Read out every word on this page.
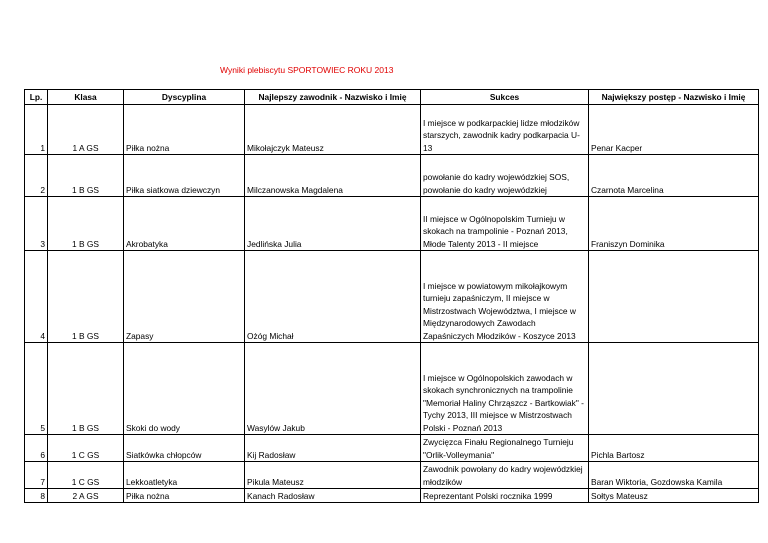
Wyniki plebiscytu SPORTOWIEC ROKU 2013
Lp.	Klasa	Dyscyplina	Najlepszy zawodnik - Nazwisko i Imię	Sukces	Największy postęp - Nazwisko i Imię
1	1 A GS	Piłka nożna	Mikołajczyk Mateusz	I miejsce w podkarpackiej lidze młodzików starszych, zawodnik kadry podkarpacia U-13	Penar Kacper
2	1 B GS	Piłka siatkowa dziewczyn	Milczanowska Magdalena	powołanie do kadry wojewódzkiej SOS, powołanie do kadry wojewódzkiej	Czarnota Marcelina
3	1 B GS	Akrobatyka	Jedlińska Julia	II miejsce w Ogólnopolskim Turnieju w skokach na trampolinie - Poznań 2013, Młode Talenty 2013 - II miejsce	Franiszyn Dominika
4	1 B GS	Zapasy	Ożóg Michał	I miejsce w powiatowym mikołajkowym turnieju zapaśniczym, II miejsce w Mistrzostwach Województwa, I miejsce w Międzynarodowych Zawodach Zapaśniczych Młodzików - Koszyce 2013	
5	1 B GS	Skoki do wody	Wasylów Jakub	I miejsce w Ogólnopolskich zawodach w skokach synchronicznych na trampolinie "Memoriał Haliny Chrząszcz - Bartkowiak" - Tychy 2013, III miejsce w Mistrzostwach Polski - Poznań 2013	
6	1 C GS	Siatkówka chłopców	Kij Radosław	Zwycięzca Finału Regionalnego Turnieju "Orlik-Volleymania"	Pichla Bartosz
7	1 C GS	Lekkoatletyka	Pikula Mateusz	Zawodnik powołany do kadry wojewódzkiej młodzików	Baran Wiktoria, Gozdowska Kamila
8	2 A GS	Piłka nożna	Kanach Radosław	Reprezentant Polski rocznika 1999	Sołtys Mateusz
